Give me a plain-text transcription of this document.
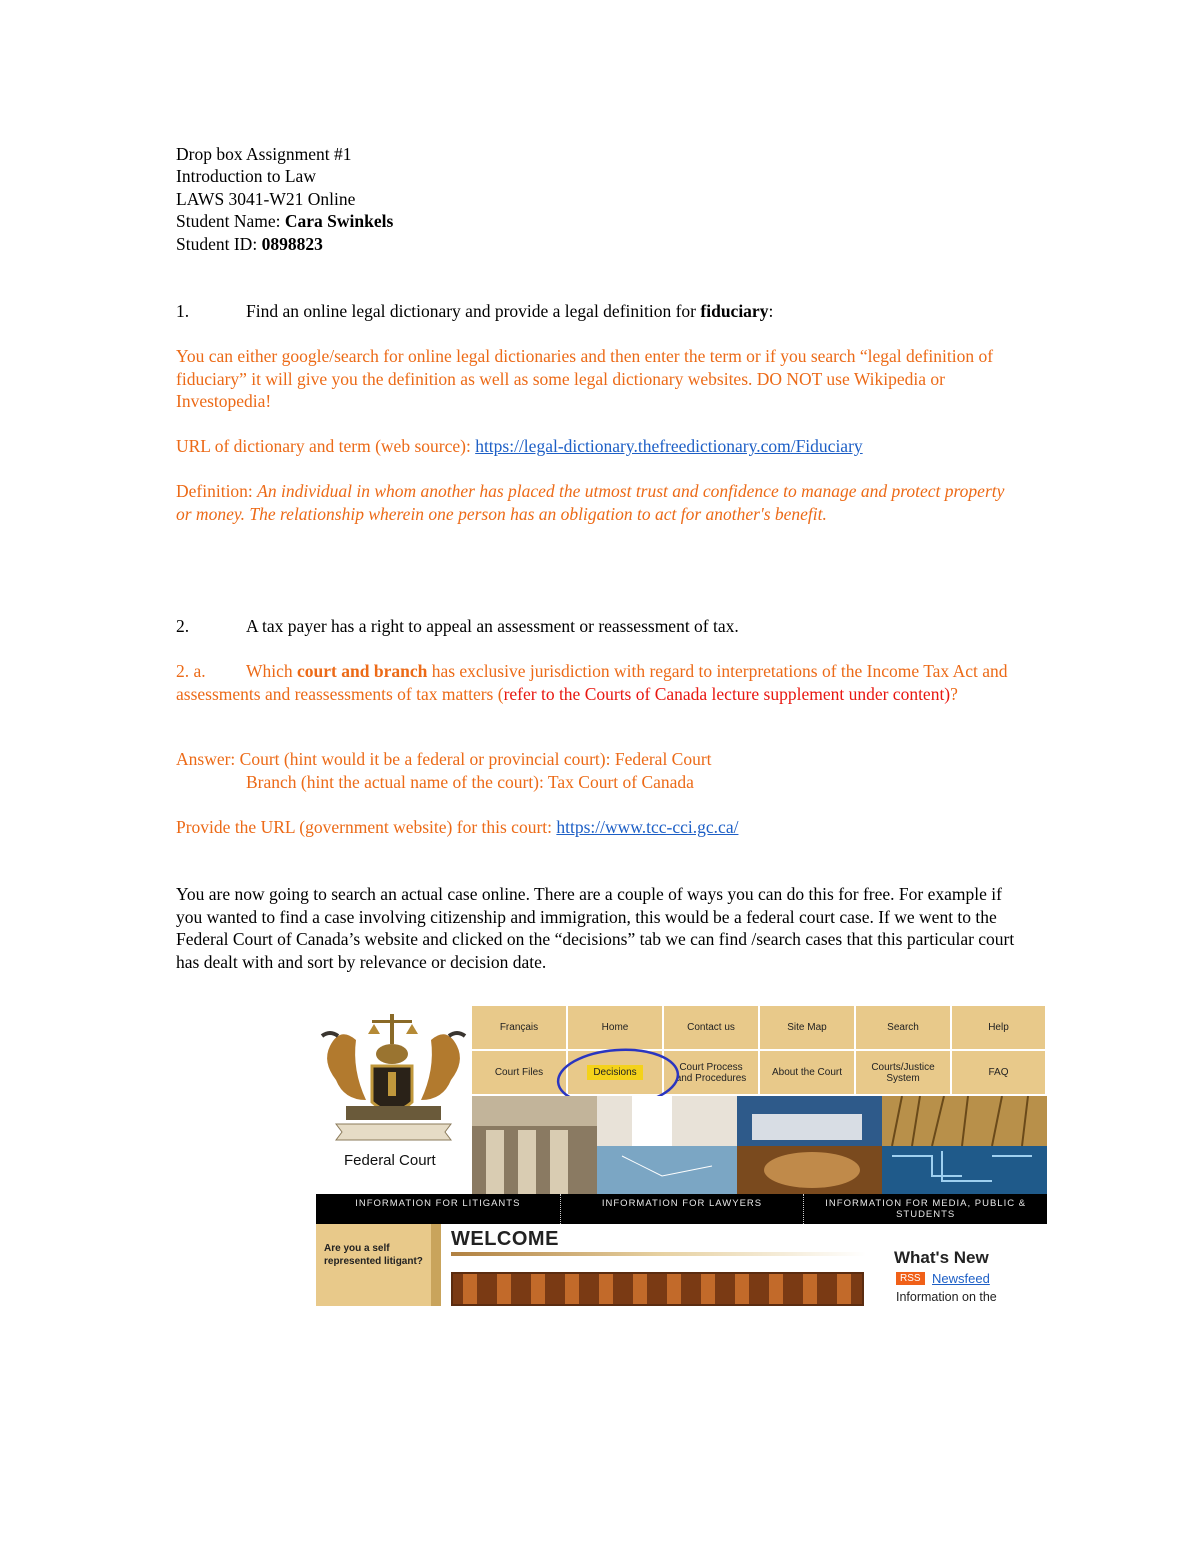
Drop box Assignment #1

Introduction to Law

LAWS 3041-W21 Online

Student Name: Cara Swinkels

Student ID: 0898823

1.	Find an online legal dictionary and provide a legal definition for fiduciary:

You can either google/search for online legal dictionaries and then enter the term or if you search “legal definition of fiduciary” it will give you the definition as well as some legal dictionary websites. DO NOT use Wikipedia or Investopedia!

URL of dictionary and term (web source): https://legal-dictionary.thefreedictionary.com/Fiduciary

Definition: An individual in whom another has placed the utmost trust and confidence to manage and protect property or money. The relationship wherein one person has an obligation to act for another's benefit.

2.	A tax payer has a right to appeal an assessment or reassessment of tax.

2. a. Which court and branch has exclusive jurisdiction with regard to interpretations of the Income Tax Act and assessments and reassessments of tax matters (refer to the Courts of Canada lecture supplement under content)?

Answer: Court (hint would it be a federal or provincial court): Federal Court

Branch (hint the actual name of the court): Tax Court of Canada

Provide the URL (government website) for this court: https://www.tcc-cci.gc.ca/

You are now going to search an actual case online. There are a couple of ways you can do this for free. For example if you wanted to find a case involving citizenship and immigration, this would be a federal court case. If we went to the Federal Court of Canada’s website and clicked on the “decisions” tab we can find /search cases that this particular court has dealt with and sort by relevance or decision date.

Federal Court
Français	Home	Contact us	Site Map	Search	Help
Court Files	Decisions	Court Process and Procedures	About the Court	Courts/Justice System	FAQ
INFORMATION FOR LITIGANTS	INFORMATION FOR LAWYERS	INFORMATION FOR MEDIA, PUBLIC & STUDENTS
Are you a self represented litigant?
WELCOME
What's New
RSS Newsfeed
Information on the
